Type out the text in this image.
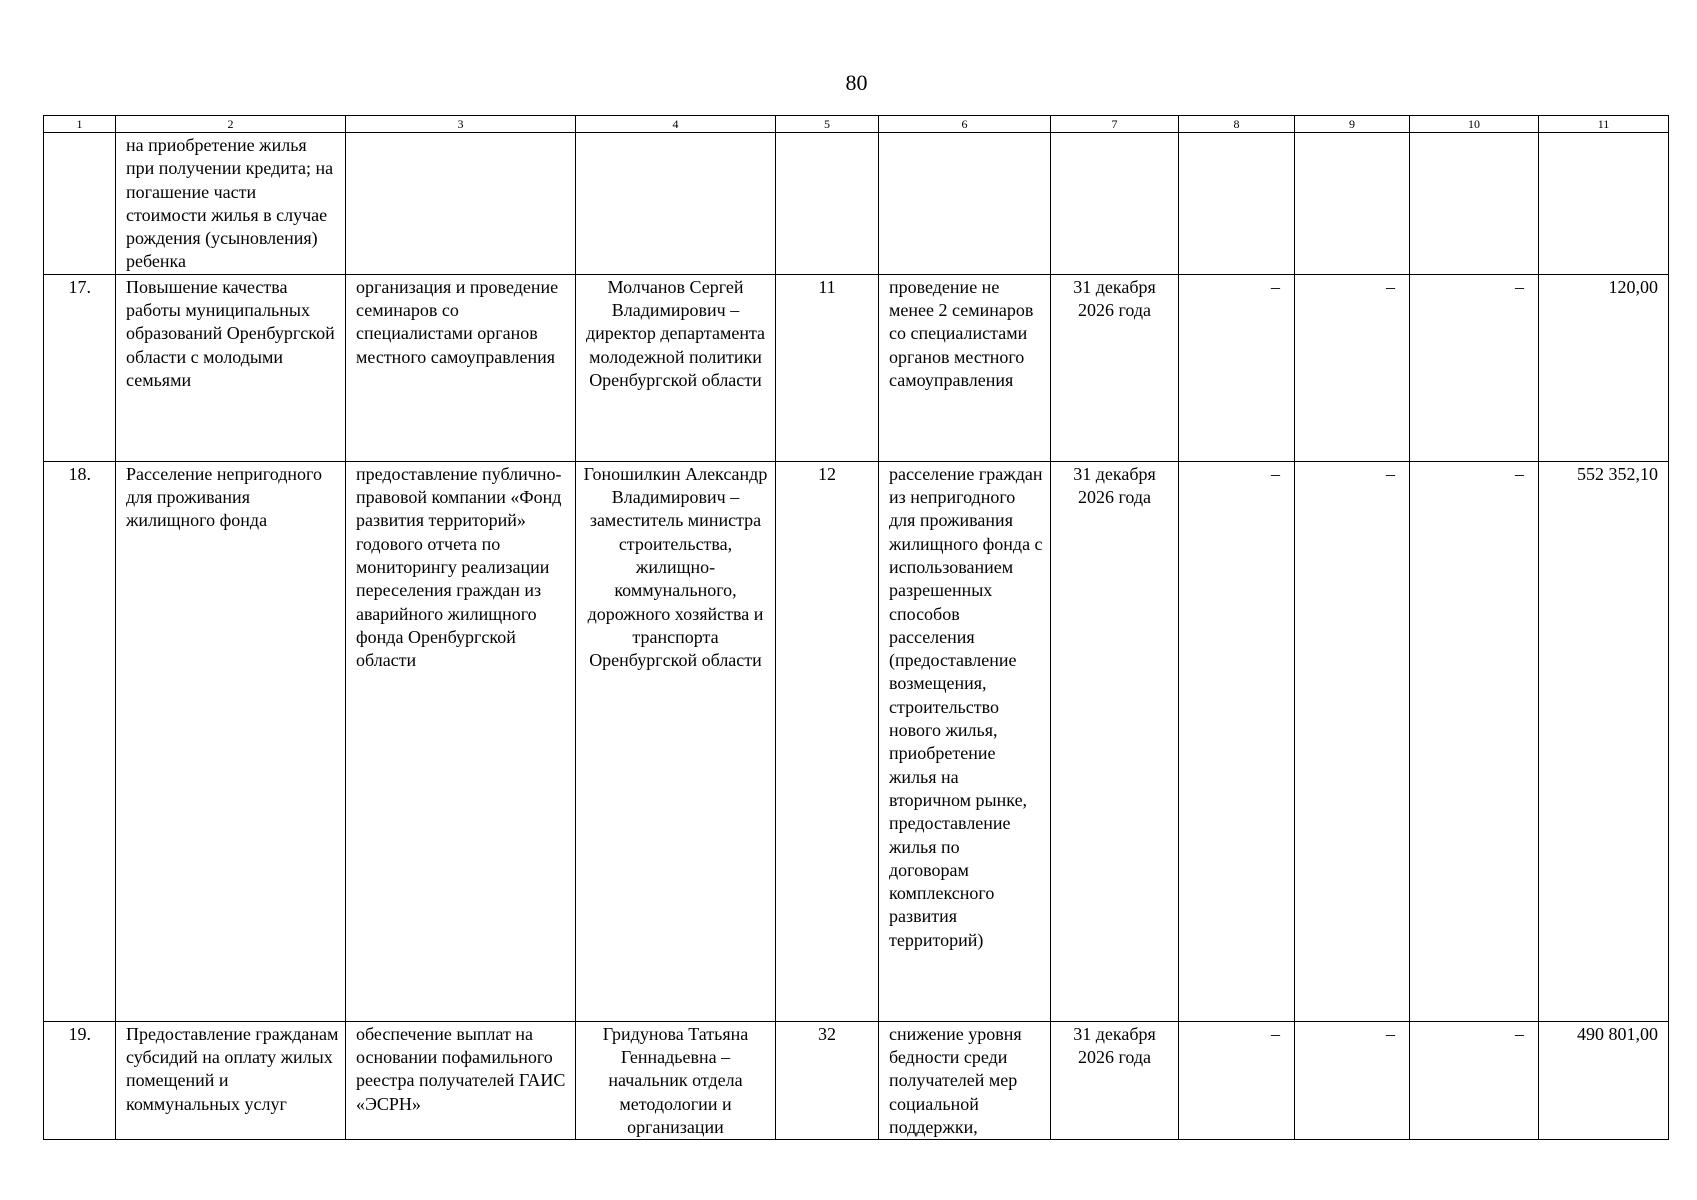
80
1	2	3	4	5	6	7	8	9	10	11
	на приобретение жилья при получении кредита; на погашение части стоимости жилья в случае рождения (усыновления) ребенка									
17.	Повышение качества работы муниципальных образований Оренбургской области с молодыми семьями	организация и проведение семинаров со специалистами органов местного самоуправления	Молчанов Сергей Владимирович – директор департамента молодежной политики Оренбургской области	11	проведение не менее 2 семинаров со специалистами органов местного самоуправления	31 декабря 2026 года	–	–	–	120,00
18.	Расселение непригодного для проживания жилищного фонда	предоставление публично-правовой компании «Фонд развития территорий» годового отчета по мониторингу реализации переселения граждан из аварийного жилищного фонда Оренбургской области	Гоношилкин Александр Владимирович – заместитель министра строительства, жилищно-коммунального, дорожного хозяйства и транспорта Оренбургской области	12	расселение граждан из непригодного для проживания жилищного фонда с использованием разрешенных способов расселения (предоставление возмещения, строительство нового жилья, приобретение жилья на вторичном рынке, предоставление жилья по договорам комплексного развития территорий)	31 декабря 2026 года	–	–	–	552 352,10
19.	Предоставление гражданам субсидий на оплату жилых помещений и коммунальных услуг	обеспечение выплат на основании пофамильного реестра получателей ГАИС «ЭСРН»	Гридунова Татьяна Геннадьевна – начальник отдела методологии и организации	32	снижение уровня бедности среди получателей мер социальной поддержки,	31 декабря 2026 года	–	–	–	490 801,00
